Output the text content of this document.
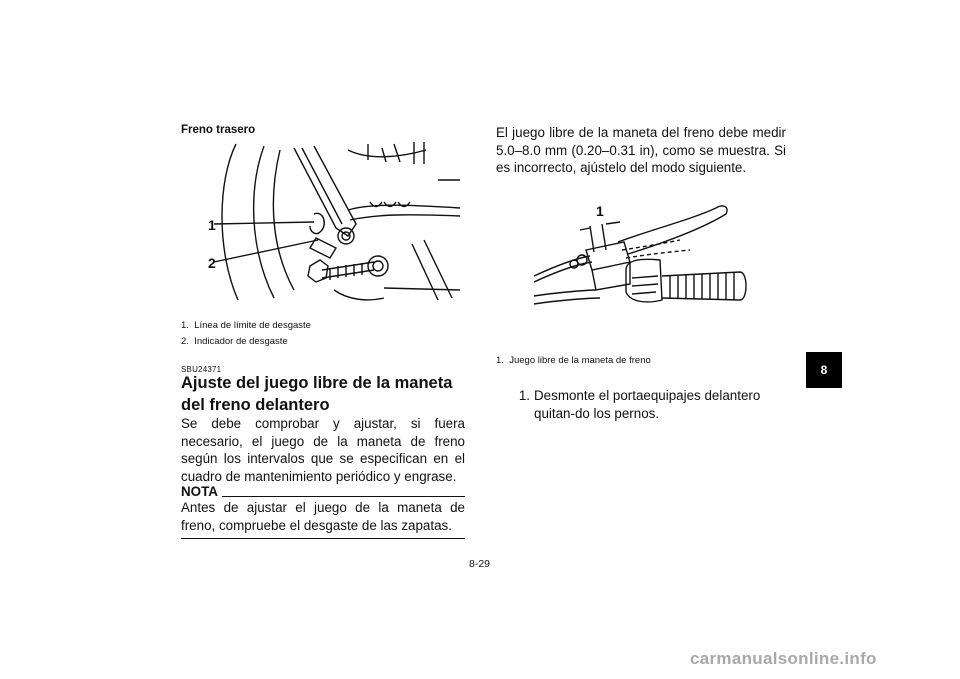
Freno trasero
1
2
1. Línea de límite de desgaste
2. Indicador de desgaste
SBU24371
Ajuste del juego libre de la maneta del freno delantero
Se debe comprobar y ajustar, si fuera necesario, el juego de la maneta de freno según los intervalos que se especifican en el cuadro de mantenimiento periódico y engrase.
NOTA
Antes de ajustar el juego de la maneta de freno, compruebe el desgaste de las zapatas.
El juego libre de la maneta del freno debe medir 5.0–8.0 mm (0.20–0.31 in), como se muestra. Si es incorrecto, ajústelo del modo siguiente.
1
1. Juego libre de la maneta de freno
1. Desmonte el portaequipajes delantero quitan-do los pernos.
8
8-29
carmanualsonline.info
